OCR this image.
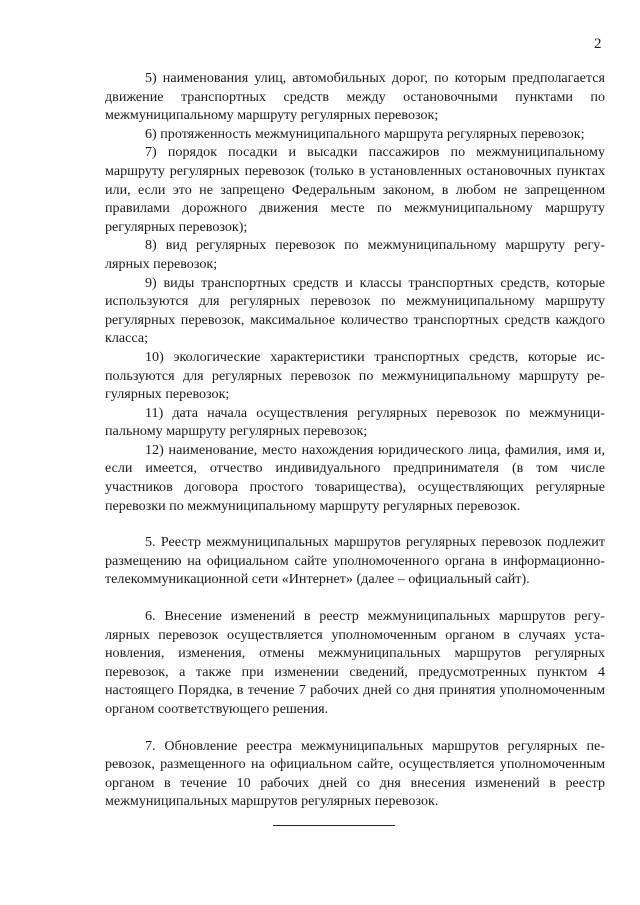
2

5) наименования улиц, автомобильных дорог, по которым предполагается движение транспортных средств между остановочными пунктами по межмуниципальному маршруту регулярных перевозок;

6) протяженность межмуниципального маршрута регулярных перевозок;

7) порядок посадки и высадки пассажиров по межмуниципальному маршруту регулярных перевозок (только в установленных остановочных пунктах или, если это не запрещено Федеральным законом, в любом не запрещенном правилами дорожного движения месте по межмуниципальному маршруту регулярных перевозок);

8) вид регулярных перевозок по межмуниципальному маршруту регулярных перевозок;

9) виды транспортных средств и классы транспортных средств, которые используются для регулярных перевозок по межмуниципальному маршруту регулярных перевозок, максимальное количество транспортных средств каждого класса;

10) экологические характеристики транспортных средств, которые используются для регулярных перевозок по межмуниципальному маршруту регулярных перевозок;

11) дата начала осуществления регулярных перевозок по межмуниципальному маршруту регулярных перевозок;

12) наименование, место нахождения юридического лица, фамилия, имя и, если имеется, отчество индивидуального предпринимателя (в том числе участников договора простого товарищества), осуществляющих регулярные перевозки по межмуниципальному маршруту регулярных перевозок.

5. Реестр межмуниципальных маршрутов регулярных перевозок подлежит размещению на официальном сайте уполномоченного органа в информационно-телекоммуникационной сети «Интернет» (далее – официальный сайт).

6. Внесение изменений в реестр межмуниципальных маршрутов регулярных перевозок осуществляется уполномоченным органом в случаях установления, изменения, отмены межмуниципальных маршрутов регулярных перевозок, а также при изменении сведений, предусмотренных пунктом 4 настоящего Порядка, в течение 7 рабочих дней со дня принятия уполномоченным органом соответствующего решения.

7. Обновление реестра межмуниципальных маршрутов регулярных перевозок, размещенного на официальном сайте, осуществляется уполномоченным органом в течение 10 рабочих дней со дня внесения изменений в реестр межмуниципальных маршрутов регулярных перевозок.
